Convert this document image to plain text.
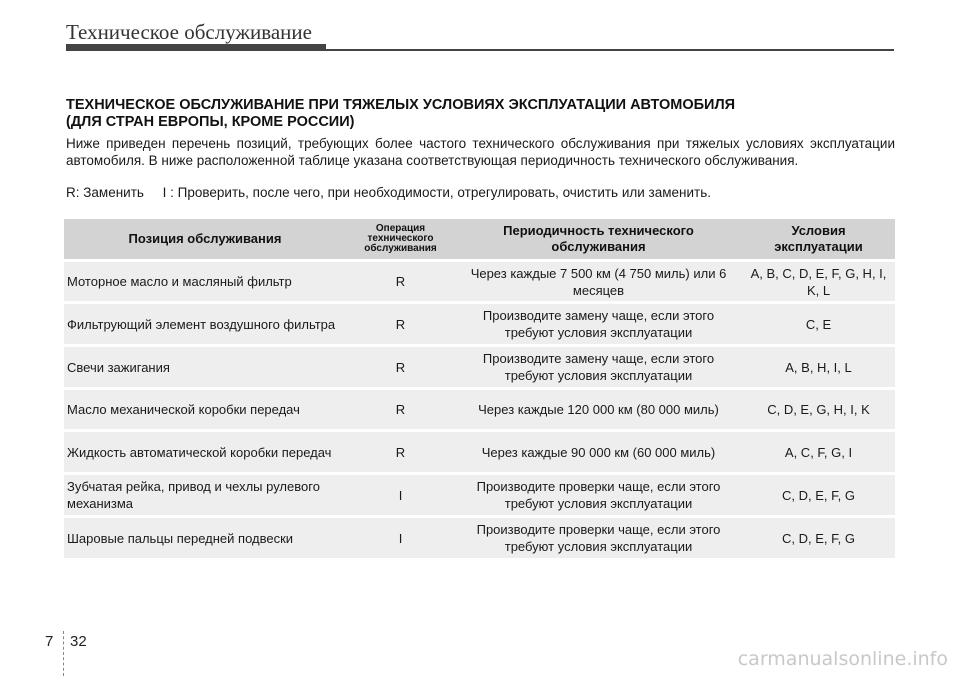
Техническое обслуживание
ТЕХНИЧЕСКОЕ ОБСЛУЖИВАНИЕ ПРИ ТЯЖЕЛЫХ УСЛОВИЯХ ЭКСПЛУАТАЦИИ АВТОМОБИЛЯ
(ДЛЯ СТРАН ЕВРОПЫ, КРОМЕ РОССИИ)

Ниже приведен перечень позиций, требующих более частого технического обслуживания при тяжелых условиях эксплуатации автомобиля. В ниже расположенной таблице указана соответствующая периодичность технического обслуживания.

R: Заменить     I : Проверить, после чего, при необходимости, отрегулировать, очистить или заменить.

Позиция обслуживания	Операция технического обслуживания	Периодичность технического обслуживания	Условия эксплуатации
Моторное масло и масляный фильтр	R	Через каждые 7 500 км (4 750 миль) или 6 месяцев	A, B, C, D, E, F, G, H, I, K, L
Фильтрующий элемент воздушного фильтра	R	Производите замену чаще, если этого требуют условия эксплуатации	C, E
Свечи зажигания	R	Производите замену чаще, если этого требуют условия эксплуатации	A, B, H, I, L
Масло механической коробки передач	R	Через каждые 120 000 км (80 000 миль)	C, D, E, G, H, I, K
Жидкость автоматической коробки передач	R	Через каждые 90 000 км (60 000 миль)	A, C, F, G, I
Зубчатая рейка, привод и чехлы рулевого механизма	I	Производите проверки чаще, если этого требуют условия эксплуатации	C, D, E, F, G
Шаровые пальцы передней подвески	I	Производите проверки чаще, если этого требуют условия эксплуатации	C, D, E, F, G
7 32
carmanualsonline.info
